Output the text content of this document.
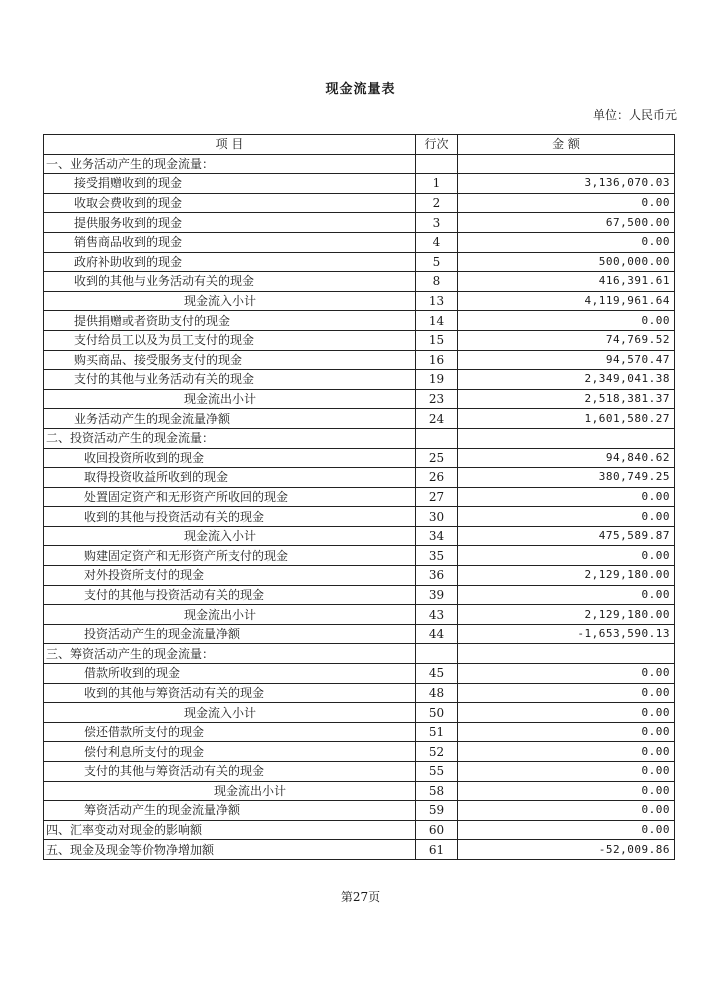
现金流量表
单位：人民币元
项 目	行次	金 额
一、业务活动产生的现金流量：		
接受捐赠收到的现金	1	3,136,070.03
收取会费收到的现金	2	0.00
提供服务收到的现金	3	67,500.00
销售商品收到的现金	4	0.00
政府补助收到的现金	5	500,000.00
收到的其他与业务活动有关的现金	8	416,391.61
现金流入小计	13	4,119,961.64
提供捐赠或者资助支付的现金	14	0.00
支付给员工以及为员工支付的现金	15	74,769.52
购买商品、接受服务支付的现金	16	94,570.47
支付的其他与业务活动有关的现金	19	2,349,041.38
现金流出小计	23	2,518,381.37
业务活动产生的现金流量净额	24	1,601,580.27
二、投资活动产生的现金流量：		
收回投资所收到的现金	25	94,840.62
取得投资收益所收到的现金	26	380,749.25
处置固定资产和无形资产所收回的现金	27	0.00
收到的其他与投资活动有关的现金	30	0.00
现金流入小计	34	475,589.87
购建固定资产和无形资产所支付的现金	35	0.00
对外投资所支付的现金	36	2,129,180.00
支付的其他与投资活动有关的现金	39	0.00
现金流出小计	43	2,129,180.00
投资活动产生的现金流量净额	44	-1,653,590.13
三、筹资活动产生的现金流量：		
借款所收到的现金	45	0.00
收到的其他与筹资活动有关的现金	48	0.00
现金流入小计	50	0.00
偿还借款所支付的现金	51	0.00
偿付利息所支付的现金	52	0.00
支付的其他与筹资活动有关的现金	55	0.00
现金流出小计	58	0.00
筹资活动产生的现金流量净额	59	0.00
四、汇率变动对现金的影响额	60	0.00
五、现金及现金等价物净增加额	61	-52,009.86
第27页
